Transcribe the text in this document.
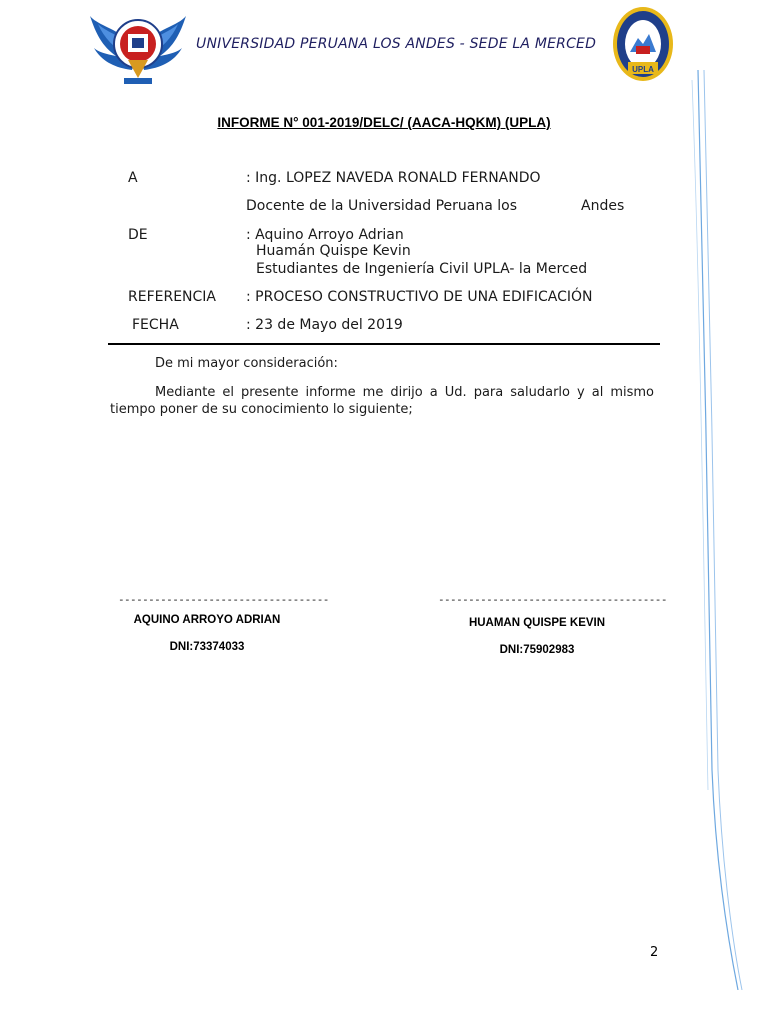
UNIVERSIDAD PERUANA LOS ANDES - SEDE LA MERCED
UPLA
INFORME N° 001-2019/DELC/ (AACA-HQKM) (UPLA)
A	: Ing. LOPEZ NAVEDA RONALD FERNANDO
Docente de la Universidad Peruana los	Andes
DE	: Aquino Arroyo Adrian
Huamán Quispe Kevin
Estudiantes de Ingeniería Civil UPLA- la Merced
REFERENCIA : PROCESO CONSTRUCTIVO DE UNA EDIFICACIÓN
FECHA	: 23 de Mayo del 2019
De mi mayor consideración:
Mediante el presente informe me dirijo a Ud. para saludarlo y al mismo tiempo poner de su conocimiento lo siguiente;
-----------------------------------
AQUINO ARROYO ADRIAN
DNI:73374033
--------------------------------------
HUAMAN QUISPE KEVIN
DNI:75902983
2
